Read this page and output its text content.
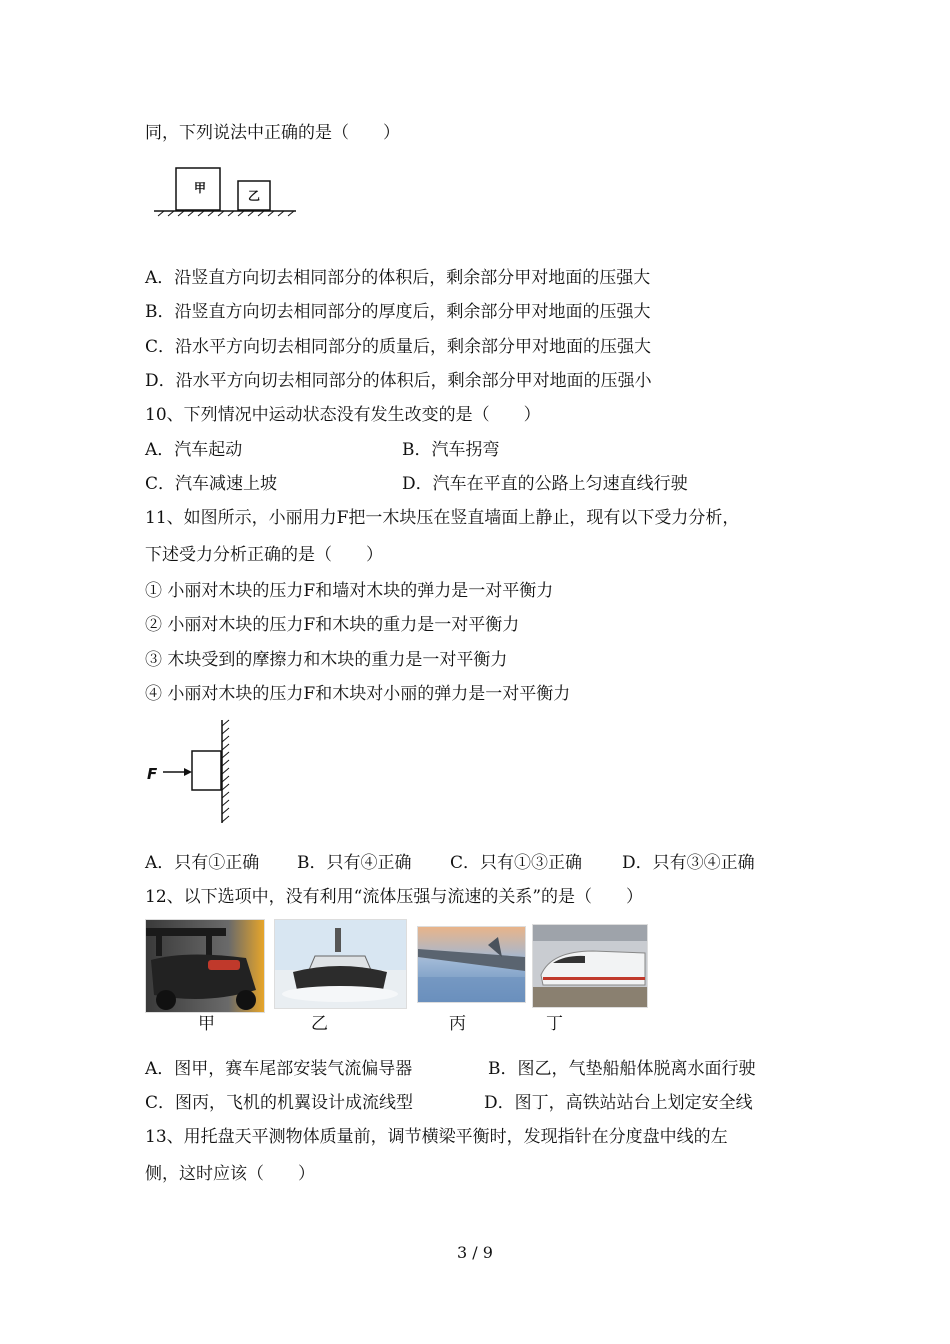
同，下列说法中正确的是（　　）
甲
乙
A．沿竖直方向切去相同部分的体积后，剩余部分甲对地面的压强大
B．沿竖直方向切去相同部分的厚度后，剩余部分甲对地面的压强大
C．沿水平方向切去相同部分的质量后，剩余部分甲对地面的压强大
D．沿水平方向切去相同部分的体积后，剩余部分甲对地面的压强小
10、下列情况中运动状态没有发生改变的是（　　）
A．汽车起动	B．汽车拐弯
C．汽车减速上坡	D．汽车在平直的公路上匀速直线行驶
11、如图所示，小丽用力F把一木块压在竖直墙面上静止，现有以下受力分析，
下述受力分析正确的是（　　）
① 小丽对木块的压力F和墙对木块的弹力是一对平衡力
② 小丽对木块的压力F和木块的重力是一对平衡力
③ 木块受到的摩擦力和木块的重力是一对平衡力
④ 小丽对木块的压力F和木块对小丽的弹力是一对平衡力
F
A．只有①正确 B．只有④正确 C．只有①③正确 D．只有③④正确
12、以下选项中，没有利用“流体压强与流速的关系”的是（　　）
甲	乙	丙	丁
A．图甲，赛车尾部安装气流偏导器	B．图乙，气垫船船体脱离水面行驶
C．图丙，飞机的机翼设计成流线型	D．图丁，高铁站站台上划定安全线
13、用托盘天平测物体质量前，调节横梁平衡时，发现指针在分度盘中线的左
侧，这时应该（　　）
3 / 9
